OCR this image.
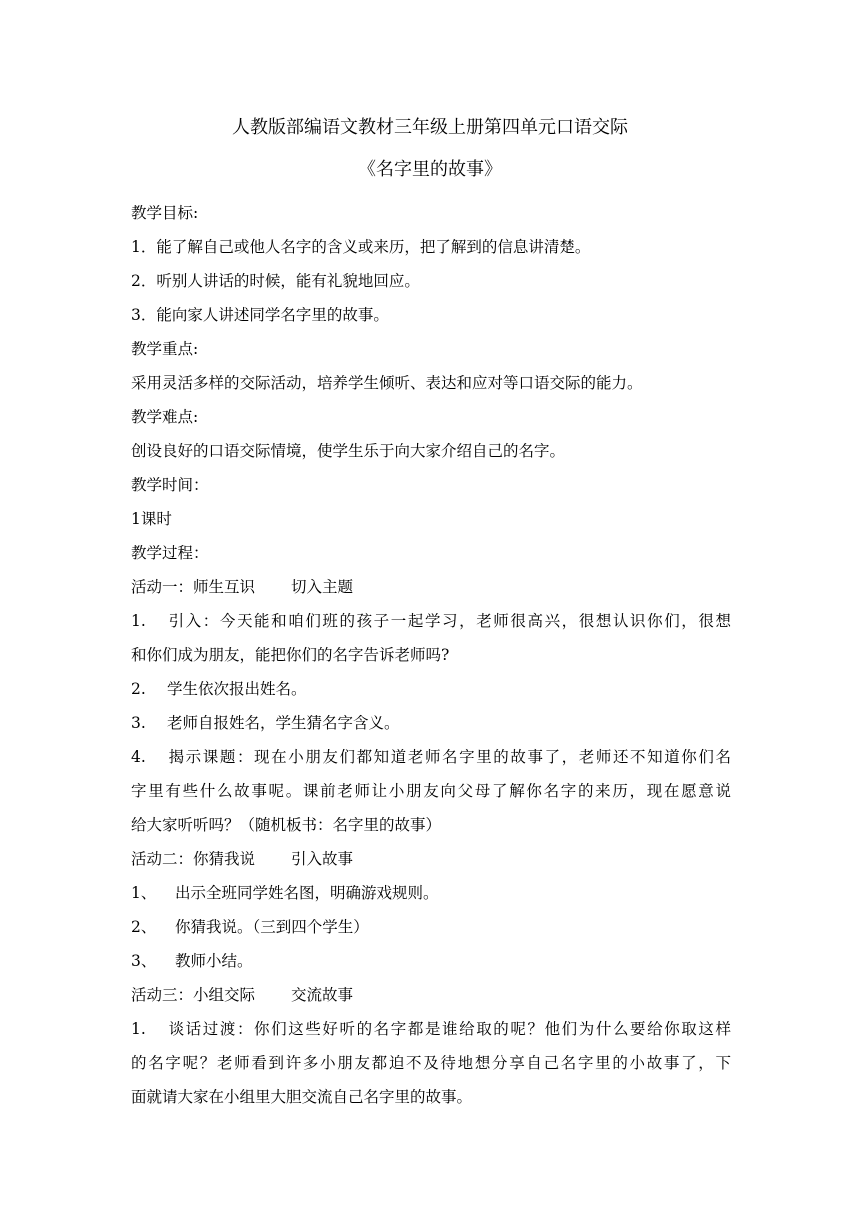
人教版部编语文教材三年级上册第四单元口语交际
《名字里的故事》
教学目标:
1．能了解自己或他人名字的含义或来历，把了解到的信息讲清楚。
2．听别人讲话的时候，能有礼貌地回应。
3．能向家人讲述同学名字里的故事。
教学重点:
采用灵活多样的交际活动，培养学生倾听、表达和应对等口语交际的能力。
教学难点:
创设良好的口语交际情境，使学生乐于向大家介绍自己的名字。
教学时间：
1课时
教学过程：
活动一：师生互识 切入主题
1. 引入：今天能和咱们班的孩子一起学习，老师很高兴，很想认识你们，很想
和你们成为朋友，能把你们的名字告诉老师吗?
2. 学生依次报出姓名。
3. 老师自报姓名，学生猜名字含义。
4. 揭示课题：现在小朋友们都知道老师名字里的故事了，老师还不知道你们名
字里有些什么故事呢。课前老师让小朋友向父母了解你名字的来历，现在愿意说
给大家听听吗？（随机板书：名字里的故事）
活动二：你猜我说 引入故事
1、 出示全班同学姓名图，明确游戏规则。
2、 你猜我说。（三到四个学生）
3、 教师小结。
活动三：小组交际 交流故事
1. 谈话过渡：你们这些好听的名字都是谁给取的呢？他们为什么要给你取这样
的名字呢？老师看到许多小朋友都迫不及待地想分享自己名字里的小故事了，下
面就请大家在小组里大胆交流自己名字里的故事。
